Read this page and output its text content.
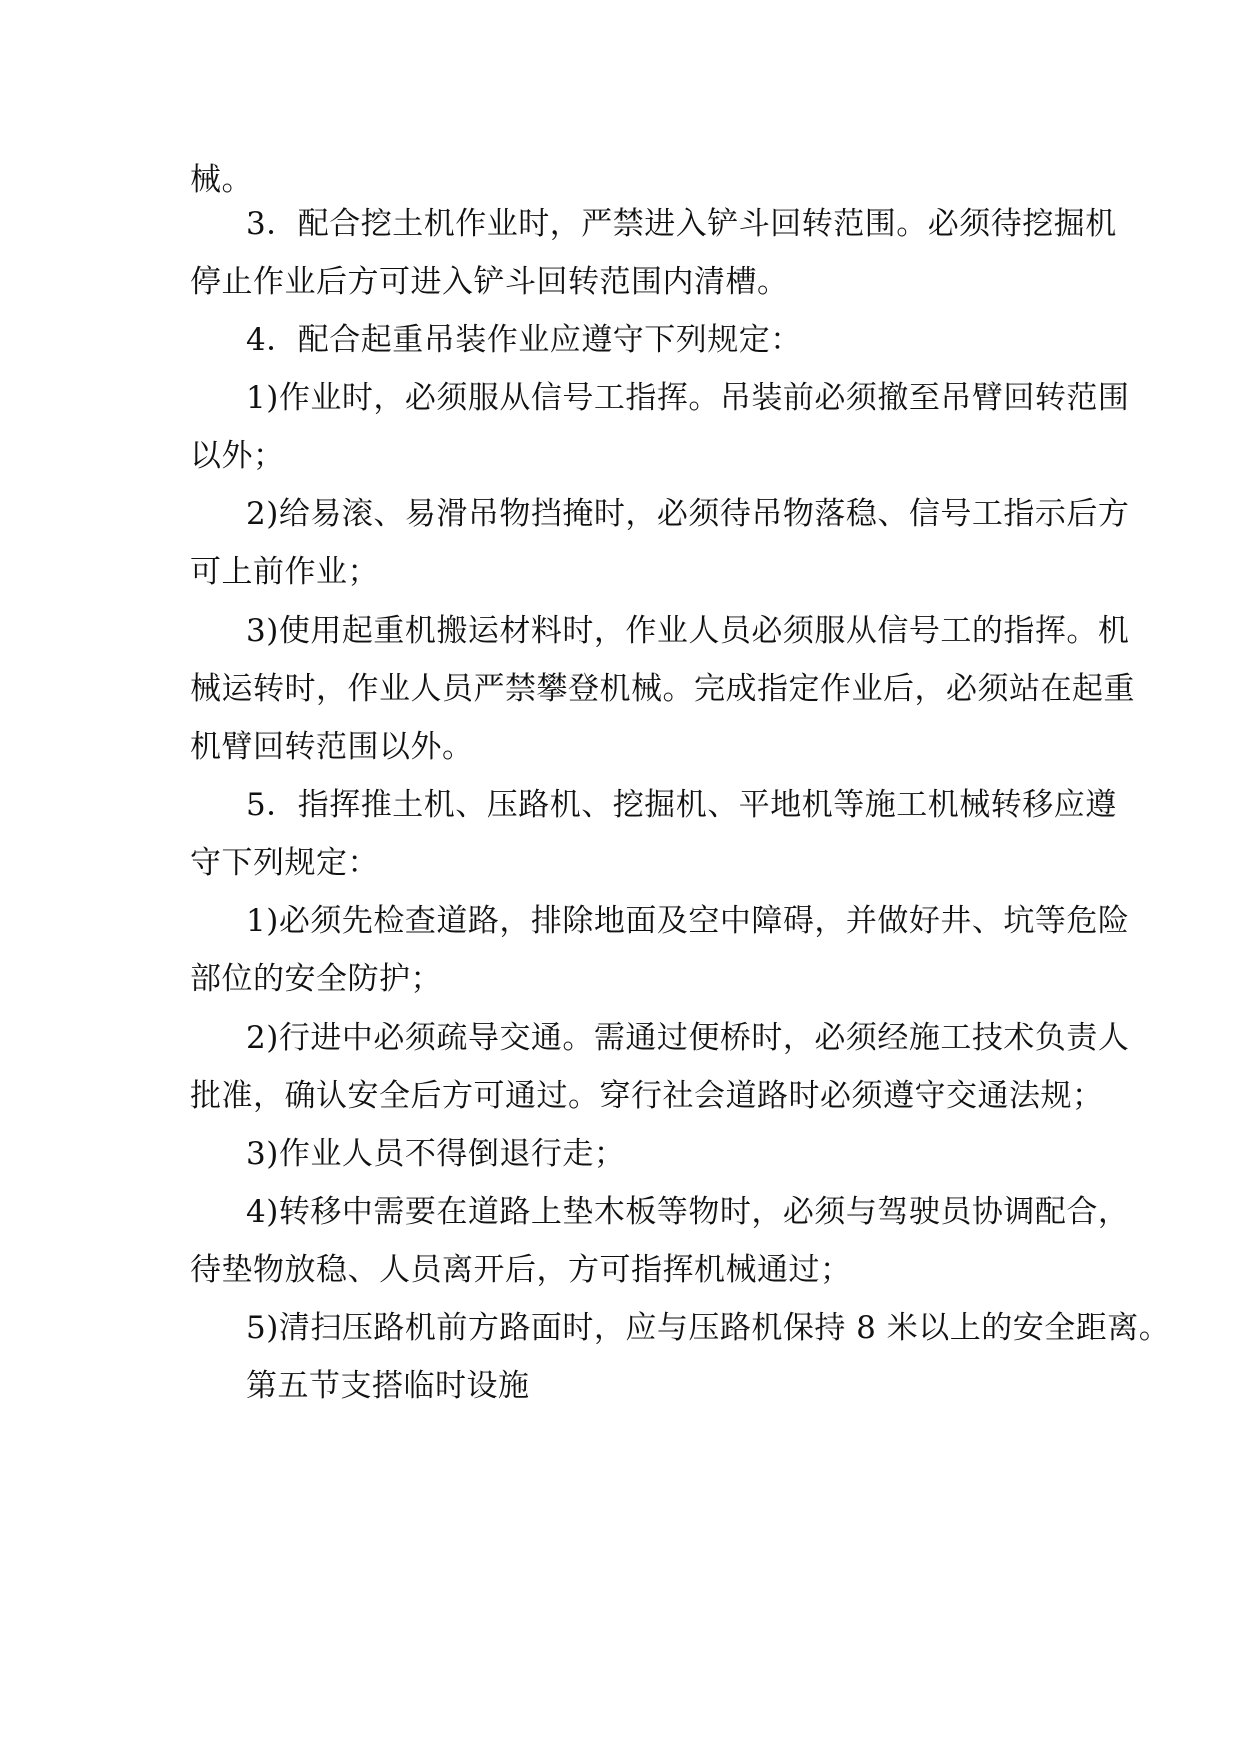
械。
3．配合挖土机作业时，严禁进入铲斗回转范围。必须待挖掘机
停止作业后方可进入铲斗回转范围内清槽。
4．配合起重吊装作业应遵守下列规定：
1)作业时，必须服从信号工指挥。吊装前必须撤至吊臂回转范围
以外；
2)给易滚、易滑吊物挡掩时，必须待吊物落稳、信号工指示后方
可上前作业；
3)使用起重机搬运材料时，作业人员必须服从信号工的指挥。机
械运转时，作业人员严禁攀登机械。完成指定作业后，必须站在起重
机臂回转范围以外。
5．指挥推土机、压路机、挖掘机、平地机等施工机械转移应遵
守下列规定：
1)必须先检查道路，排除地面及空中障碍，并做好井、坑等危险
部位的安全防护；
2)行进中必须疏导交通。需通过便桥时，必须经施工技术负责人
批准，确认安全后方可通过。穿行社会道路时必须遵守交通法规；
3)作业人员不得倒退行走；
4)转移中需要在道路上垫木板等物时，必须与驾驶员协调配合，
待垫物放稳、人员离开后，方可指挥机械通过；
5)清扫压路机前方路面时，应与压路机保持 8 米以上的安全距离。
第五节支搭临时设施
